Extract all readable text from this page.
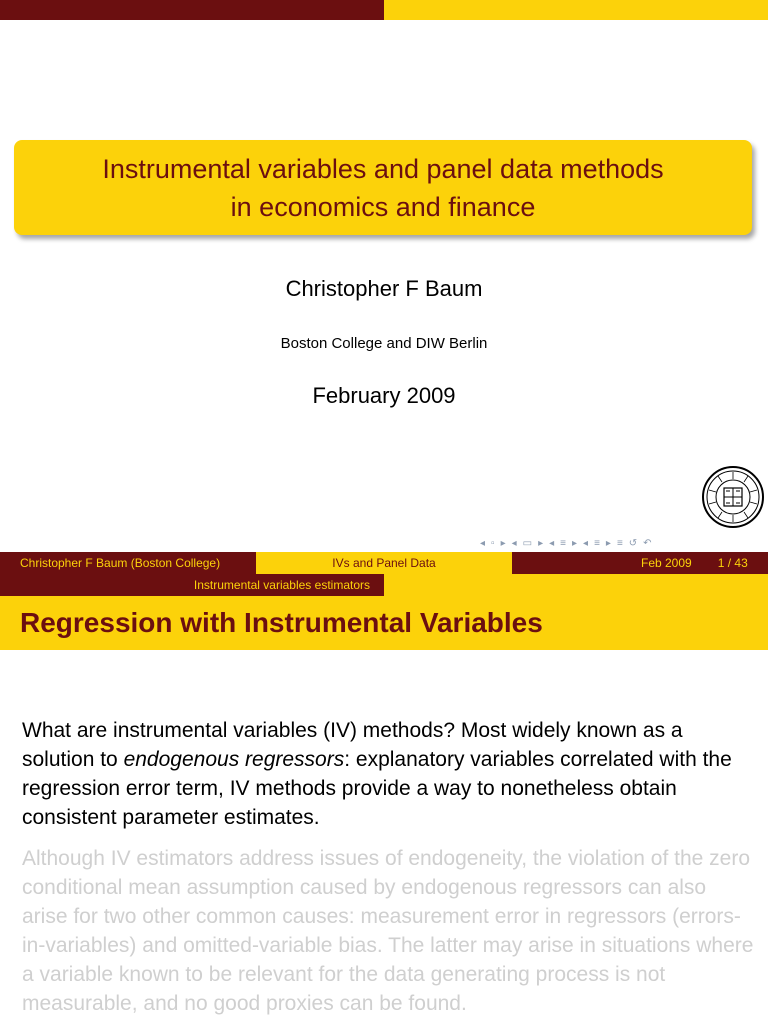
Instrumental variables and panel data methods
in economics and finance
Christopher F Baum
Boston College and DIW Berlin
February 2009
◂ ▫ ▸ ◂ ▭ ▸ ◂ ≡ ▸ ◂ ≡ ▸ ≡ ↺ ↶
Christopher F Baum (Boston College)	IVs and Panel Data	Feb 2009 1 / 43
Instrumental variables estimators
Regression with Instrumental Variables
What are instrumental variables (IV) methods? Most widely known as a solution to endogenous regressors: explanatory variables correlated with the regression error term, IV methods provide a way to nonetheless obtain consistent parameter estimates.
Although IV estimators address issues of endogeneity, the violation of the zero conditional mean assumption caused by endogenous regressors can also arise for two other common causes: measurement error in regressors (errors-in-variables) and omitted-variable bias. The latter may arise in situations where a variable known to be relevant for the data generating process is not measurable, and no good proxies can be found.
